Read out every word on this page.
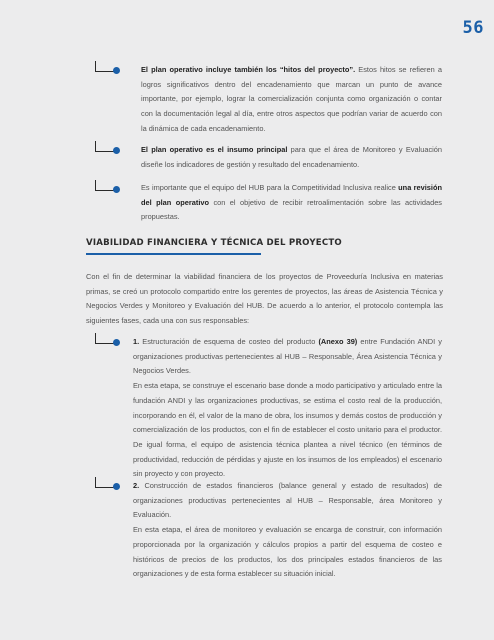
56
El plan operativo incluye también los “hitos del proyecto”. Estos hitos se refieren a logros significativos dentro del encadenamiento que marcan un punto de avance importante, por ejemplo, lograr la comercialización conjunta como organización o contar con la documentación legal al día, entre otros aspectos que podrían variar de acuerdo con la dinámica de cada encadenamiento.
El plan operativo es el insumo principal para que el área de Monitoreo y Evaluación diseñe los indicadores de gestión y resultado del encadenamiento.
Es importante que el equipo del HUB para la Competitividad Inclusiva realice una revisión del plan operativo con el objetivo de recibir retroalimentación sobre las actividades propuestas.
VIABILIDAD FINANCIERA Y TÉCNICA DEL PROYECTO
Con el fin de determinar la viabilidad financiera de los proyectos de Proveeduría Inclusiva en materias primas, se creó un protocolo compartido entre los gerentes de proyectos, las áreas de Asistencia Técnica y Negocios Verdes y Monitoreo y Evaluación del HUB. De acuerdo a lo anterior, el protocolo contempla las siguientes fases, cada una con sus responsables:
1. Estructuración de esquema de costeo del producto (Anexo 39) entre Fundación ANDI y organizaciones productivas pertenecientes al HUB – Responsable, Área Asistencia Técnica y Negocios Verdes.
En esta etapa, se construye el escenario base donde a modo participativo y articulado entre la fundación ANDI y las organizaciones productivas, se estima el costo real de la producción, incorporando en él, el valor de la mano de obra, los insumos y demás costos de producción y comercialización de los productos, con el fin de establecer el costo unitario para el productor. De igual forma, el equipo de asistencia técnica plantea a nivel técnico (en términos de productividad, reducción de pérdidas y ajuste en los insumos de los empleados) el escenario sin proyecto y con proyecto.
2. Construcción de estados financieros (balance general y estado de resultados) de organizaciones productivas pertenecientes al HUB – Responsable, área Monitoreo y Evaluación.
En esta etapa, el área de monitoreo y evaluación se encarga de construir, con información proporcionada por la organización y cálculos propios a partir del esquema de costeo e históricos de precios de los productos, los dos principales estados financieros de las organizaciones y de esta forma establecer su situación inicial.
